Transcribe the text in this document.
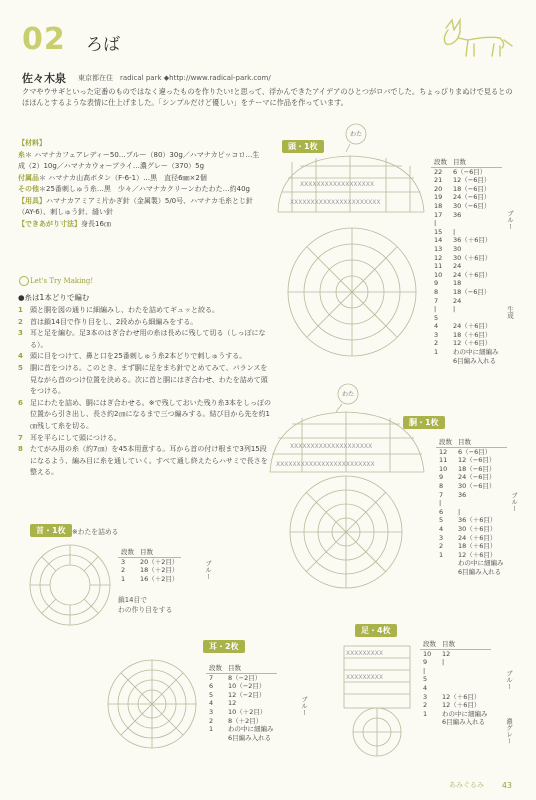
02 ろば
佐々木泉 東京都在住　radical park ◆http://www.radical-park.com/
クマやウサギといった定番のものではなく違ったものを作りたい!と思って、浮かんできたアイデアのひとつがロバでした。ちょっぴりまぬけで見るとのほほんとするような表情に仕上げました。「シンプルだけど優しい」をテーマに作品を作っています。
【材料】
糸＊ ハマナカフェアレディー50…ブルー（80）30g／ハマナカピッコロ…生成（2）10g／ハマナカウォーブライ…濃グレー（370）5g
付属品＊ ハマナカ山高ボタン（F-6-1）…黒　直径6㎜×2個
その他＊25番刺しゅう糸…黒　少々／ハマナカクリーンわたわた…約40g
【用具】ハマナカアミアミ片かぎ針（金属製）5/0号、ハマナカ毛糸とじ針（AY-6）、刺しゅう針、縫い針
【できあがり寸法】身長16㎝
Let's Try Making!
●糸は1本どりで編む
1 頭と胴を図の通りに細編みし、わたを詰めてギュッと絞る。
2 首は鎖14目で作り目をし、2段めから細編みをする。
3 耳と足を編む。足3本のはぎ合わせ用の糸は長めに残して切る（しっぽになる）。
4 頭に目をつけて、鼻と口を25番刺しゅう糸2本どりで刺しゅうする。
5 胴に首をつける。このとき、まず胴に足をまち針でとめてみて、バランスを見ながら首のつけ位置を決める。次に首と胴にはぎ合わせ、わたを詰めて頭をつける。
6 足にわたを詰め、胴にはぎ合わせる。※で残しておいた残り糸3本をしっぽの位置から引き出し、長さ約2㎝になるまで三つ編みする。結び目から先を約1㎝残して糸を切る。
7 耳を平らにして頭につける。
8 たてがみ用の糸（約7㎝）を45本用意する。耳から首の付け根まで3列15段になるよう、編み目に糸を通していく。すべて通し終えたらハサミで長さを整える。
頭・1枚
わた
XXXXXXXXXXXXXXXXXX
XXXXXXXXXXXXXXXXXXXXXX
段数	目数
22	6（−6目）
21	12（−6目）
20	18（−6目）
19	24（−6目）
18	30（−6目）
17	36
|	
15	|
14	36（＋6目）
13	30
12	30（＋6目）
11	24
10	24（＋6目）
9	18
8	18（−6目）
7	24
|	|
5	
4	24（＋6目）
3	18（＋6目）
2	12（＋6目）
1	わの中に細編み
	6目編み入れる
ブルー
生成
胴・1枚
わた
XXXXXXXXXXXXXXXXXXXXXXXX
XXXXXXXXXXXXXXXXXXXX
段数	目数
12	6（−6目）
11	12（−6目）
10	18（−6目）
9	24（−6目）
8	30（−6目）
7	36
|	
6	|
5	36（＋6目）
4	30（＋6目）
3	24（＋6目）
2	18（＋6目）
1	12（＋6目）
	わの中に細編み
	6目編み入れる
ブルー
首・1枚 ※わたを詰める
段数	目数
3	20（＋2目）
2	18（＋2目）
1	16（＋2目）	ブルー
鎖14目で
わの作り目をする
耳・2枚
段数	目数
7	8（−2目）
6	10（−2目）
5	12（−2目）
4	12
3	10（＋2目）
2	8（＋2目）
1	わの中に細編み
	6目編み入れる
ブルー
足・4枚
XXXXXXXXX
XXXXXXXXX
段数	目数
10	12
9	|
|	
5	
4	
3	12（＋6目）
2	12（＋6目）
1	わの中に細編み
	6目編み入れる
ブルー
濃グレー
あみぐるみ 43
